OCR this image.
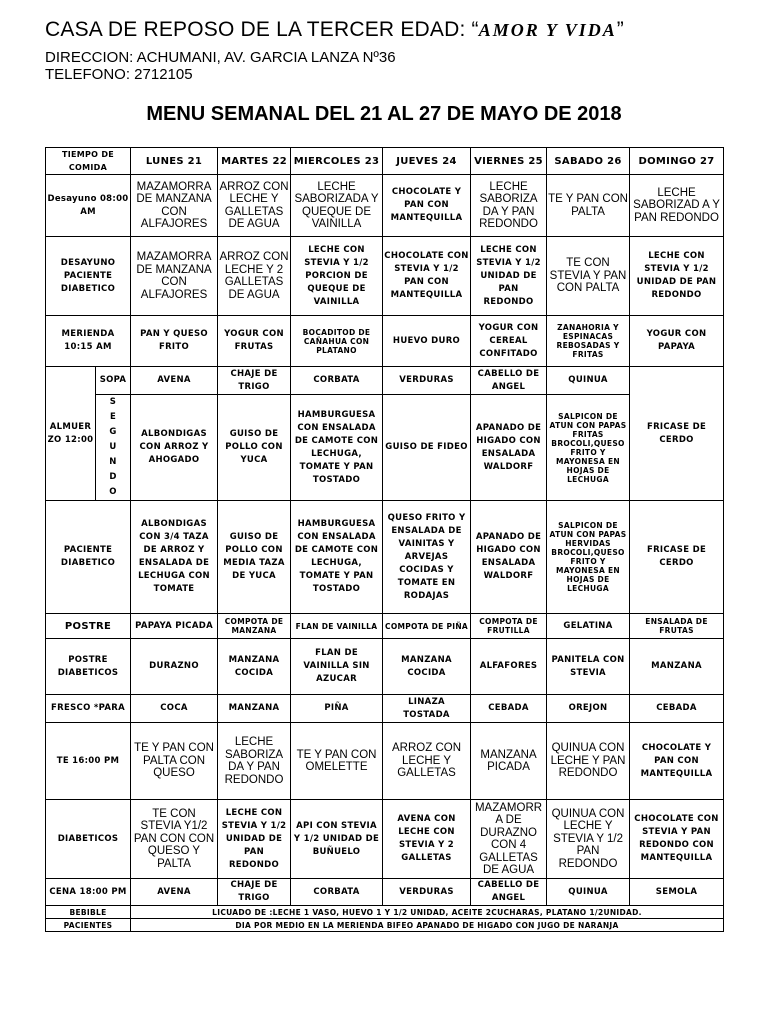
CASA DE REPOSO DE LA TERCER EDAD: “AMOR Y VIDA”
DIRECCION: ACHUMANI, AV. GARCIA LANZA Nº36
TELEFONO: 2712105
MENU SEMANAL DEL 21 AL 27 DE MAYO DE 2018
TIEMPO DE COMIDA		LUNES 21	MARTES 22	MIERCOLES 23	JUEVES 24	VIERNES 25	SABADO 26	DOMINGO 27
Desayuno 08:00 AM		MAZAMORRA DE MANZANA CON ALFAJORES	ARROZ CON LECHE Y GALLETAS DE AGUA	LECHE SABORIZADA Y QUEQUE DE VAINILLA	CHOCOLATE Y PAN CON MANTEQUILLA	LECHE SABORIZA DA Y PAN REDONDO	TE Y PAN CON PALTA	LECHE SABORIZAD A Y PAN REDONDO
DESAYUNO PACIENTE DIABETICO		MAZAMORRA DE MANZANA CON ALFAJORES	ARROZ CON LECHE Y 2 GALLETAS DE AGUA	LECHE CON STEVIA Y 1/2 PORCION DE QUEQUE DE VAINILLA	CHOCOLATE CON STEVIA Y 1/2 PAN CON MANTEQUILLA	LECHE CON STEVIA Y 1/2 UNIDAD DE PAN REDONDO	TE CON STEVIA Y PAN CON PALTA	LECHE CON STEVIA Y 1/2 UNIDAD DE PAN REDONDO
MERIENDA 10:15 AM		PAN Y QUESO FRITO	YOGUR CON FRUTAS	BOCADITOD DE CAÑAHUA CON PLATANO	HUEVO DURO	YOGUR CON CEREAL CONFITADO	ZANAHORIA Y ESPINACAS REBOSADAS Y FRITAS	YOGUR CON PAPAYA
ALMUER ZO 12:00	SOPA	AVENA	CHAJE DE TRIGO	CORBATA	VERDURAS	CABELLO DE ANGEL	QUINUA	FRICASE DE CERDO
	S E G U N D O	ALBONDIGAS CON ARROZ Y AHOGADO	GUISO DE POLLO CON YUCA	HAMBURGUESA CON ENSALADA DE CAMOTE CON LECHUGA, TOMATE Y PAN TOSTADO	GUISO DE FIDEO	APANADO DE HIGADO CON ENSALADA WALDORF	SALPICON DE ATUN CON PAPAS FRITAS BROCOLI,QUESO FRITO Y MAYONESA EN HOJAS DE LECHUGA	
PACIENTE DIABETICO		ALBONDIGAS CON 3/4 TAZA DE ARROZ Y ENSALADA DE LECHUGA CON TOMATE	GUISO DE POLLO CON MEDIA TAZA DE YUCA	HAMBURGUESA CON ENSALADA DE CAMOTE CON LECHUGA, TOMATE Y PAN TOSTADO	QUESO FRITO Y ENSALADA DE VAINITAS Y ARVEJAS COCIDAS Y TOMATE EN RODAJAS	APANADO DE HIGADO CON ENSALADA WALDORF	SALPICON DE ATUN CON PAPAS HERVIDAS BROCOLI,QUESO FRITO Y MAYONESA EN HOJAS DE LECHUGA	FRICASE DE CERDO
POSTRE		PAPAYA PICADA	COMPOTA DE MANZANA	FLAN DE VAINILLA	COMPOTA DE PIÑA	COMPOTA DE FRUTILLA	GELATINA	ENSALADA DE FRUTAS
POSTRE DIABETICOS		DURAZNO	MANZANA COCIDA	FLAN DE VAINILLA SIN AZUCAR	MANZANA COCIDA	ALFAFORES	PANITELA CON STEVIA	MANZANA
FRESCO *PARA		COCA	MANZANA	PIÑA	LINAZA TOSTADA	CEBADA	OREJON	CEBADA
TE 16:00 PM		TE Y PAN CON PALTA CON QUESO	LECHE SABORIZA DA Y PAN REDONDO	TE Y PAN CON OMELETTE	ARROZ CON LECHE Y GALLETAS	MANZANA PICADA	QUINUA CON LECHE Y PAN REDONDO	CHOCOLATE Y PAN CON MANTEQUILLA
DIABETICOS		TE CON STEVIA Y1/2 PAN CON CON QUESO Y PALTA	LECHE CON STEVIA Y 1/2 UNIDAD DE PAN REDONDO	API CON STEVIA Y 1/2 UNIDAD DE BUÑUELO	AVENA CON LECHE CON STEVIA Y 2 GALLETAS	MAZAMORR A DE DURAZNO CON 4 GALLETAS DE AGUA	QUINUA CON LECHE Y STEVIA Y 1/2 PAN REDONDO	CHOCOLATE CON STEVIA Y PAN REDONDO CON MANTEQUILLA
CENA 18:00 PM		AVENA	CHAJE DE TRIGO	CORBATA	VERDURAS	CABELLO DE ANGEL	QUINUA	SEMOLA
BEBIBLE		LICUADO DE :LECHE 1 VASO, HUEVO 1 Y 1/2 UNIDAD, ACEITE 2CUCHARAS, PLATANO 1/2UNIDAD.						
PACIENTES		DIA POR MEDIO EN LA MERIENDA BIFEO APANADO DE HIGADO CON JUGO DE NARANJA						
